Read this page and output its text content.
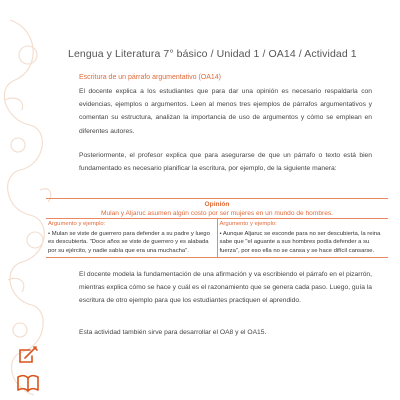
Lengua y Literatura 7° básico / Unidad 1 / OA14 / Actividad 1
Escritura de un párrafo argumentativo (OA14)
El docente explica a los estudiantes que para dar una opinión es necesario respaldarla con evidencias, ejemplos o argumentos. Leen al menos tres ejemplos de párrafos argumentativos y comentan su estructura, analizan la importancia de uso de argumentos y cómo se emplean en diferentes autores.
Posteriormente, el profesor explica que para asegurarse de que un párrafo o texto está bien fundamentado es necesario planificar la escritura, por ejemplo, de la siguiente manera:
Opinión
Mulan y Aljaruc asumen algún costo por ser mujeres en un mundo de hombres.
Argumento y ejemplo:
• Mulan se viste de guerrero para defender a su padre y luego es descubierta. "Doce años se viste de guerrero y es alabada por su ejército, y nadie sabía que era una muchacha".
Argumento y ejemplo:
• Aunque Aljaruc se esconde para no ser descubierta, la reina sabe que "el aguante a sus hombres podía defender a su fuerza", por eso ella no se cansa y se hace difícil cansarse.
El docente modela la fundamentación de una afirmación y va escribiendo el párrafo en el pizarrón, mientras explica cómo se hace y cuál es el razonamiento que se genera cada paso. Luego, guía la escritura de otro ejemplo para que los estudiantes practiquen el aprendido.
Esta actividad también sirve para desarrollar el OA8 y el OA15.
